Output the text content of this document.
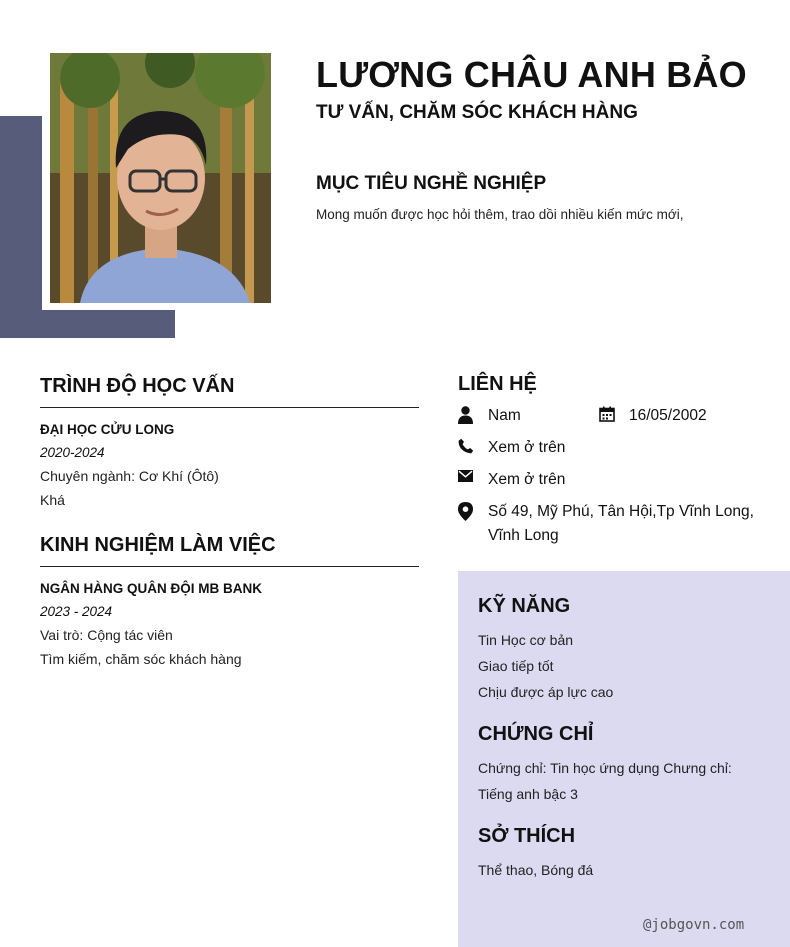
LƯƠNG CHÂU ANH BẢO
TƯ VẤN, CHĂM SÓC KHÁCH HÀNG
MỤC TIÊU NGHỀ NGHIỆP
Mong muốn được học hỏi thêm, trao dồi nhiều kiến mức mới,
TRÌNH ĐỘ HỌC VẤN
ĐẠI HỌC CỬU LONG
2020-2024
Chuyên ngành: Cơ Khí (Ôtô)
Khá
KINH NGHIỆM LÀM VIỆC
NGÂN HÀNG QUÂN ĐỘI MB BANK
2023 - 2024
Vai trò: Cộng tác viên
Tìm kiếm, chăm sóc khách hàng
LIÊN HỆ
Nam	16/05/2002
Xem ở trên
Xem ở trên
Số 49, Mỹ Phú, Tân Hội,Tp Vĩnh Long, Vĩnh Long
KỸ NĂNG
Tin Học cơ bản
Giao tiếp tốt
Chịu được áp lực cao
CHỨNG CHỈ
Chứng chỉ: Tin học ứng dụng Chưng chỉ:
Tiếng anh bậc 3
SỞ THÍCH
Thể thao, Bóng đá
@jobgovn.com
